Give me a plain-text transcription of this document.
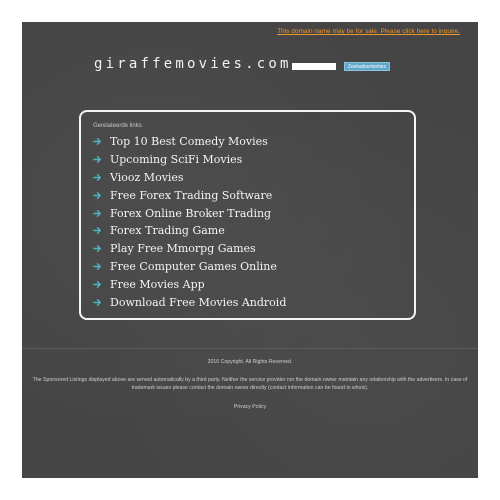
This domain name may be for sale. Please click here to inquire.
giraffemovies.com	Zoekadvertenties
Gerelateerde links
Top 10 Best Comedy Movies
Upcoming SciFi Movies
Viooz Movies
Free Forex Trading Software
Forex Online Broker Trading
Forex Trading Game
Play Free Mmorpg Games
Free Computer Games Online
Free Movies App
Download Free Movies Android
2016 Copyright. All Rights Reserved.
The Sponsored Listings displayed above are served automatically by a third party. Neither the service provider nor the domain owner maintain any relationship with the advertisers. In case of trademark issues please contact the domain owner directly (contact information can be found in whois).
Privacy Policy
